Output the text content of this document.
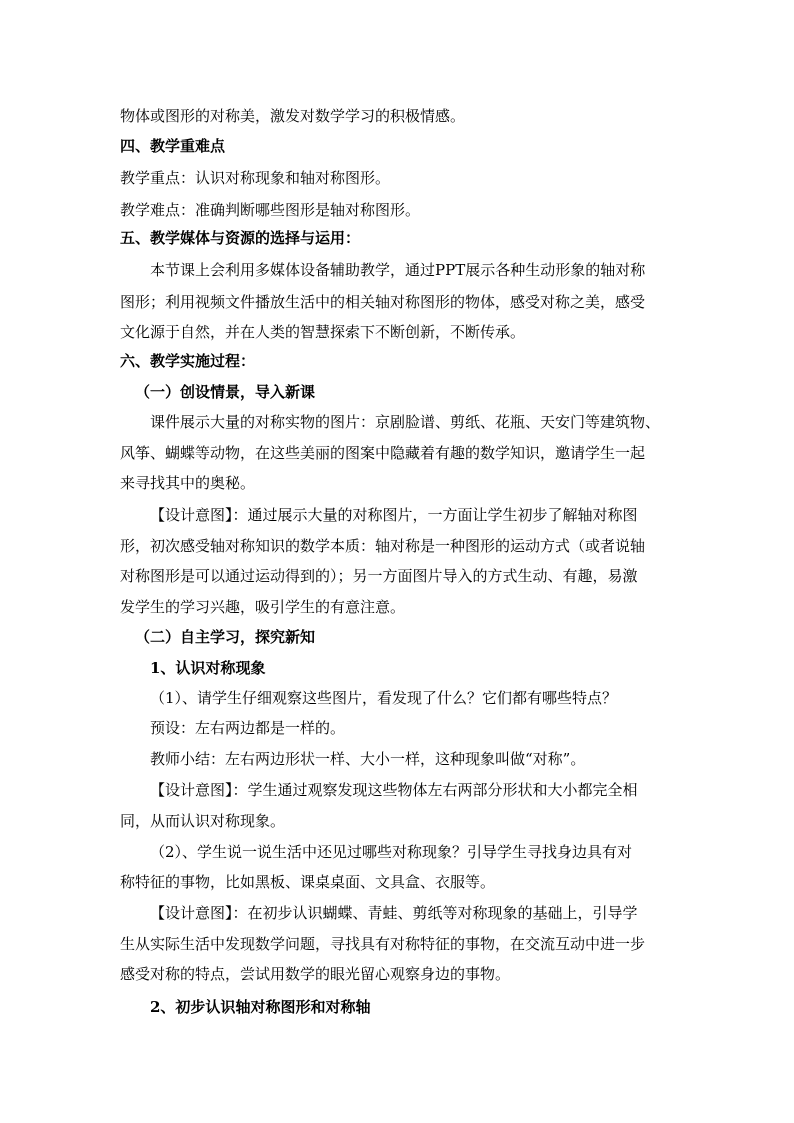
物体或图形的对称美，激发对数学学习的积极情感。
四、教学重难点
教学重点：认识对称现象和轴对称图形。
教学难点：准确判断哪些图形是轴对称图形。
五、教学媒体与资源的选择与运用：
本节课上会利用多媒体设备辅助教学，通过PPT展示各种生动形象的轴对称
图形；利用视频文件播放生活中的相关轴对称图形的物体，感受对称之美，感受
文化源于自然，并在人类的智慧探索下不断创新，不断传承。
六、教学实施过程：
（一）创设情景，导入新课
课件展示大量的对称实物的图片：京剧脸谱、剪纸、花瓶、天安门等建筑物、
风筝、蝴蝶等动物，在这些美丽的图案中隐藏着有趣的数学知识，邀请学生一起
来寻找其中的奥秘。
【设计意图】：通过展示大量的对称图片，一方面让学生初步了解轴对称图
形，初次感受轴对称知识的数学本质：轴对称是一种图形的运动方式（或者说轴
对称图形是可以通过运动得到的）；另一方面图片导入的方式生动、有趣，易激
发学生的学习兴趣，吸引学生的有意注意。
（二）自主学习，探究新知
1、认识对称现象
（1）、请学生仔细观察这些图片，看发现了什么？它们都有哪些特点？
预设：左右两边都是一样的。
教师小结：左右两边形状一样、大小一样，这种现象叫做“对称”。
【设计意图】：学生通过观察发现这些物体左右两部分形状和大小都完全相
同，从而认识对称现象。
（2）、学生说一说生活中还见过哪些对称现象？引导学生寻找身边具有对
称特征的事物，比如黑板、课桌桌面、文具盒、衣服等。
【设计意图】：在初步认识蝴蝶、青蛙、剪纸等对称现象的基础上，引导学
生从实际生活中发现数学问题，寻找具有对称特征的事物，在交流互动中进一步
感受对称的特点，尝试用数学的眼光留心观察身边的事物。
2、初步认识轴对称图形和对称轴
